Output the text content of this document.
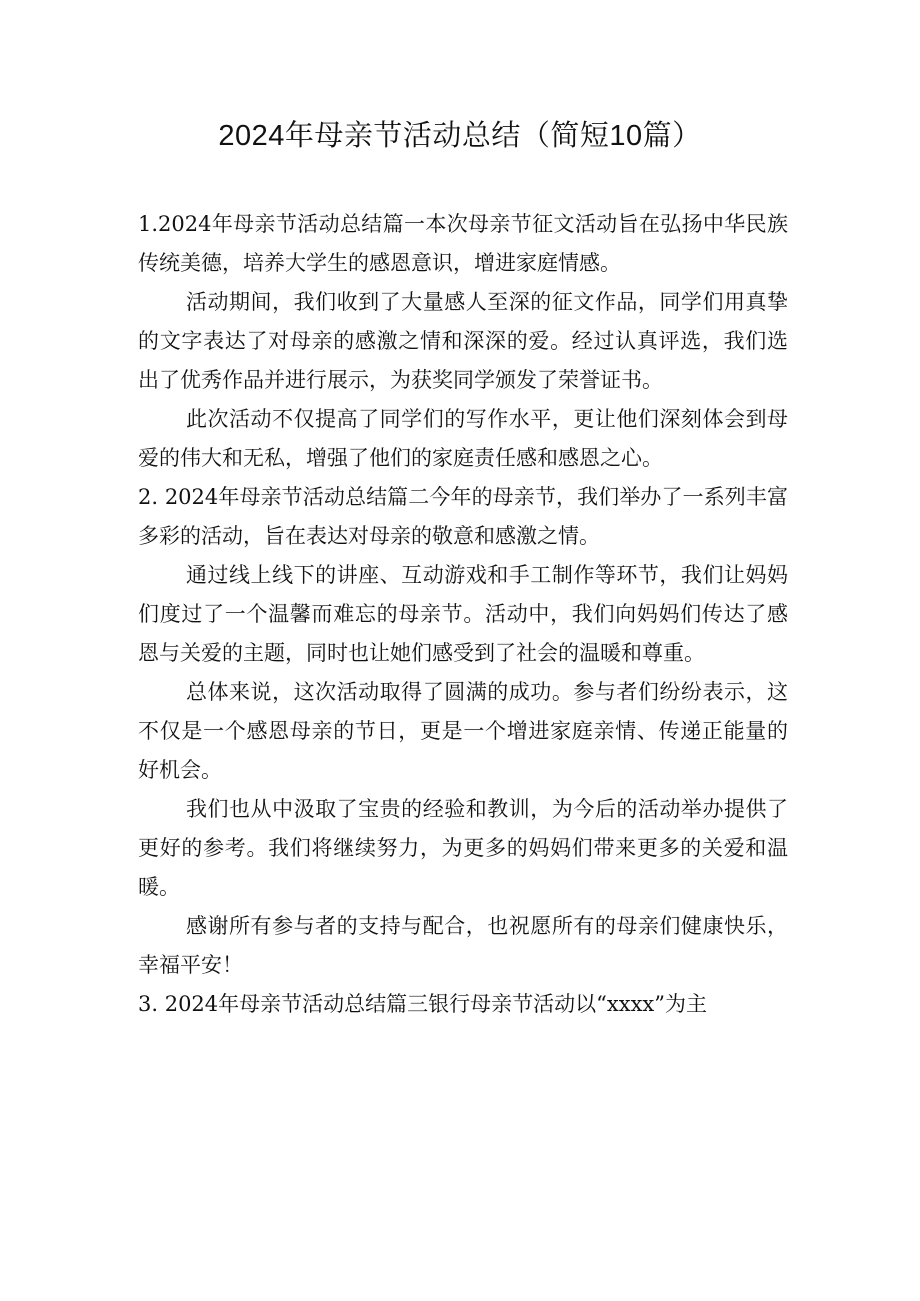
2024年母亲节活动总结（简短10篇）

1.2024年母亲节活动总结篇一本次母亲节征文活动旨在弘扬中华民族传统美德，培养大学生的感恩意识，增进家庭情感。

活动期间，我们收到了大量感人至深的征文作品，同学们用真挚的文字表达了对母亲的感激之情和深深的爱。经过认真评选，我们选出了优秀作品并进行展示，为获奖同学颁发了荣誉证书。

此次活动不仅提高了同学们的写作水平，更让他们深刻体会到母爱的伟大和无私，增强了他们的家庭责任感和感恩之心。

2. 2024年母亲节活动总结篇二今年的母亲节，我们举办了一系列丰富多彩的活动，旨在表达对母亲的敬意和感激之情。

通过线上线下的讲座、互动游戏和手工制作等环节，我们让妈妈们度过了一个温馨而难忘的母亲节。活动中，我们向妈妈们传达了感恩与关爱的主题，同时也让她们感受到了社会的温暖和尊重。

总体来说，这次活动取得了圆满的成功。参与者们纷纷表示，这不仅是一个感恩母亲的节日，更是一个增进家庭亲情、传递正能量的好机会。

我们也从中汲取了宝贵的经验和教训，为今后的活动举办提供了更好的参考。我们将继续努力，为更多的妈妈们带来更多的关爱和温暖。

感谢所有参与者的支持与配合，也祝愿所有的母亲们健康快乐，幸福平安！

3. 2024年母亲节活动总结篇三银行母亲节活动以“xxxx”为主
